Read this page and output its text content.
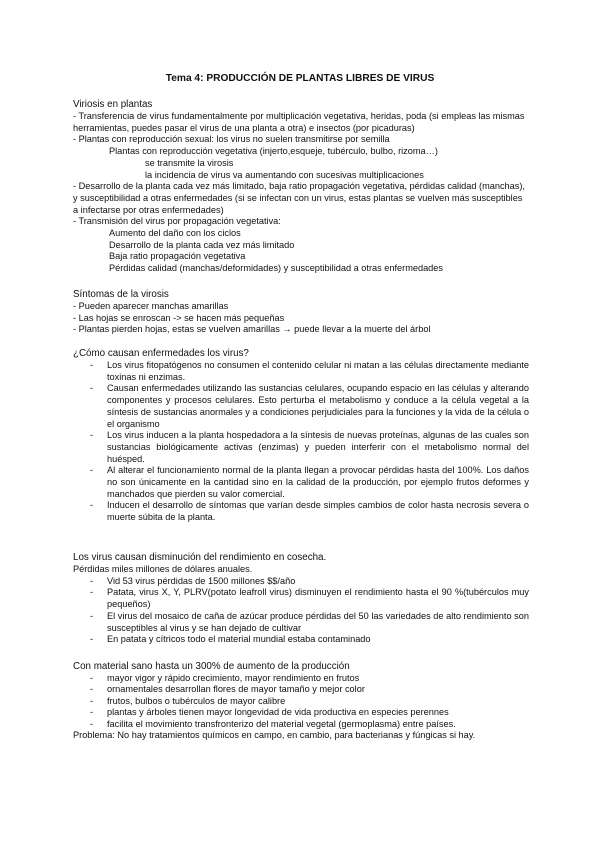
Tema 4: PRODUCCIÓN DE PLANTAS LIBRES DE VIRUS
Viriosis en plantas
- Transferencia de virus fundamentalmente por multiplicación vegetativa, heridas, poda (si empleas las mismas herramientas, puedes pasar el virus de una planta a otra) e insectos (por picaduras)
- Plantas con reproducción sexual: los virus no suelen transmitirse por semilla
Plantas con reproducción vegetativa (injerto,esqueje, tubérculo, bulbo, rizoma…)
se transmite la virosis
la incidencia de virus va aumentando con sucesivas multiplicaciones
- Desarrollo de la planta cada vez más limitado, baja ratio propagación vegetativa, pérdidas calidad (manchas), y susceptibilidad a otras enfermedades (si se infectan con un virus, estas plantas se vuelven más susceptibles a infectarse por otras enfermedades)
- Transmisión del virus por propagación vegetativa:
Aumento del daño con los ciclos
Desarrollo de la planta cada vez más limitado
Baja ratio propagación vegetativa
Pérdidas calidad (manchas/deformidades) y susceptibilidad a otras enfermedades
Síntomas de la virosis
- Pueden aparecer manchas amarillas
- Las hojas se enroscan -> se hacen más pequeñas
- Plantas pierden hojas, estas se vuelven amarillas → puede llevar a la muerte del árbol
¿Cómo causan enfermedades los virus?
- Los virus fitopatógenos no consumen el contenido celular ni matan a las células directamente mediante toxinas ni enzimas.
- Causan enfermedades utilizando las sustancias celulares, ocupando espacio en las células y alterando componentes y procesos celulares. Esto perturba el metabolismo y conduce a la célula vegetal a la síntesis de sustancias anormales y a condiciones perjudiciales para la funciones y la vida de la célula o el organismo
- Los virus inducen a la planta hospedadora a la síntesis de nuevas proteínas, algunas de las cuales son sustancias biológicamente activas (enzimas) y pueden interferir con el metabolismo normal del huésped.
- Al alterar el funcionamiento normal de la planta llegan a provocar pérdidas hasta del 100%. Los daños no son únicamente en la cantidad sino en la calidad de la producción, por ejemplo frutos deformes y manchados que pierden su valor comercial.
- Inducen el desarrollo de síntomas que varían desde simples cambios de color hasta necrosis severa o muerte súbita de la planta.
Los virus causan disminución del rendimiento en cosecha.
Pérdidas miles millones de dólares anuales.
- Vid 53 virus pérdidas de 1500 millones $$/año
- Patata, virus X, Y, PLRV(potato leafroll virus) disminuyen el rendimiento hasta el 90 %(tubérculos muy pequeños)
- El virus del mosaico de caña de azúcar produce pérdidas del 50 las variedades de alto rendimiento son susceptibles al virus y se han dejado de cultivar
- En patata y cítricos todo el material mundial estaba contaminado
Con material sano hasta un 300% de aumento de la producción
- mayor vigor y rápido crecimiento, mayor rendimiento en frutos
- ornamentales desarrollan flores de mayor tamaño y mejor color
- frutos, bulbos o tubérculos de mayor calibre
- plantas y árboles tienen mayor longevidad de vida productiva en especies perennes
- facilita el movimiento transfronterizo del material vegetal (germoplasma) entre países.
Problema: No hay tratamientos químicos en campo, en cambio, para bacterianas y fúngicas si hay.
